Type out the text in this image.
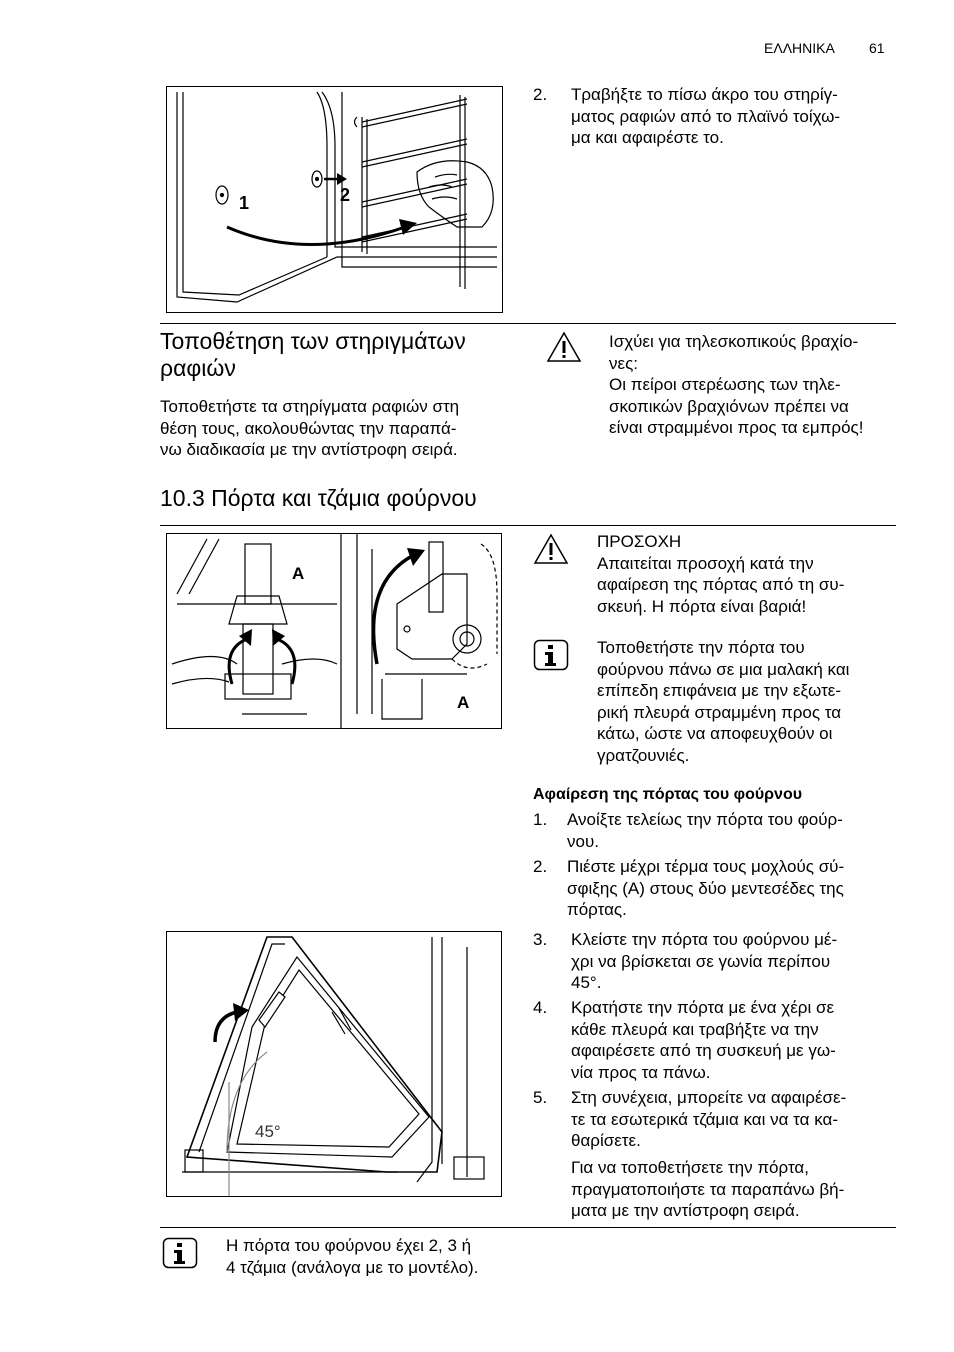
ΕΛΛΗΝΙΚΑ 61
1	2
2. Τραβήξτε το πίσω άκρο του στηρίγ-
ματος ραφιών από το πλαϊνό τοίχω-
μα και αφαιρέστε το.
Τοποθέτηση των στηριγμάτων
ραφιών
Τοποθετήστε τα στηρίγματα ραφιών στη
θέση τους, ακολουθώντας την παραπά-
νω διαδικασία με την αντίστροφη σειρά.
Ισχύει για τηλεσκοπικούς βραχίο-
νες:
Οι πείροι στερέωσης των τηλε-
σκοπικών βραχιόνων πρέπει να
είναι στραμμένοι προς τα εμπρός!
10.3 Πόρτα και τζάμια φούρνου
A
A
ΠΡΟΣΟΧΗ
Απαιτείται προσοχή κατά την
αφαίρεση της πόρτας από τη συ-
σκευή. Η πόρτα είναι βαριά!
Τοποθετήστε την πόρτα του
φούρνου πάνω σε μια μαλακή και
επίπεδη επιφάνεια με την εξωτε-
ρική πλευρά στραμμένη προς τα
κάτω, ώστε να αποφευχθούν οι
γρατζουνιές.
Αφαίρεση της πόρτας του φούρνου
1. Ανοίξτε τελείως την πόρτα του φούρ-
νου.
2. Πιέστε μέχρι τέρμα τους μοχλούς σύ-
σφιξης (A) στους δύο μεντεσέδες της
πόρτας.
3. Κλείστε την πόρτα του φούρνου μέ-
χρι να βρίσκεται σε γωνία περίπου
45°.
4. Κρατήστε την πόρτα με ένα χέρι σε
κάθε πλευρά και τραβήξτε να την
αφαιρέσετε από τη συσκευή με γω-
νία προς τα πάνω.
5. Στη συνέχεια, μπορείτε να αφαιρέσε-
τε τα εσωτερικά τζάμια και να τα κα-
θαρίσετε.
Για να τοποθετήσετε την πόρτα,
πραγματοποιήστε τα παραπάνω βή-
ματα με την αντίστροφη σειρά.
45°
Η πόρτα του φούρνου έχει 2, 3 ή
4 τζάμια (ανάλογα με το μοντέλο).
